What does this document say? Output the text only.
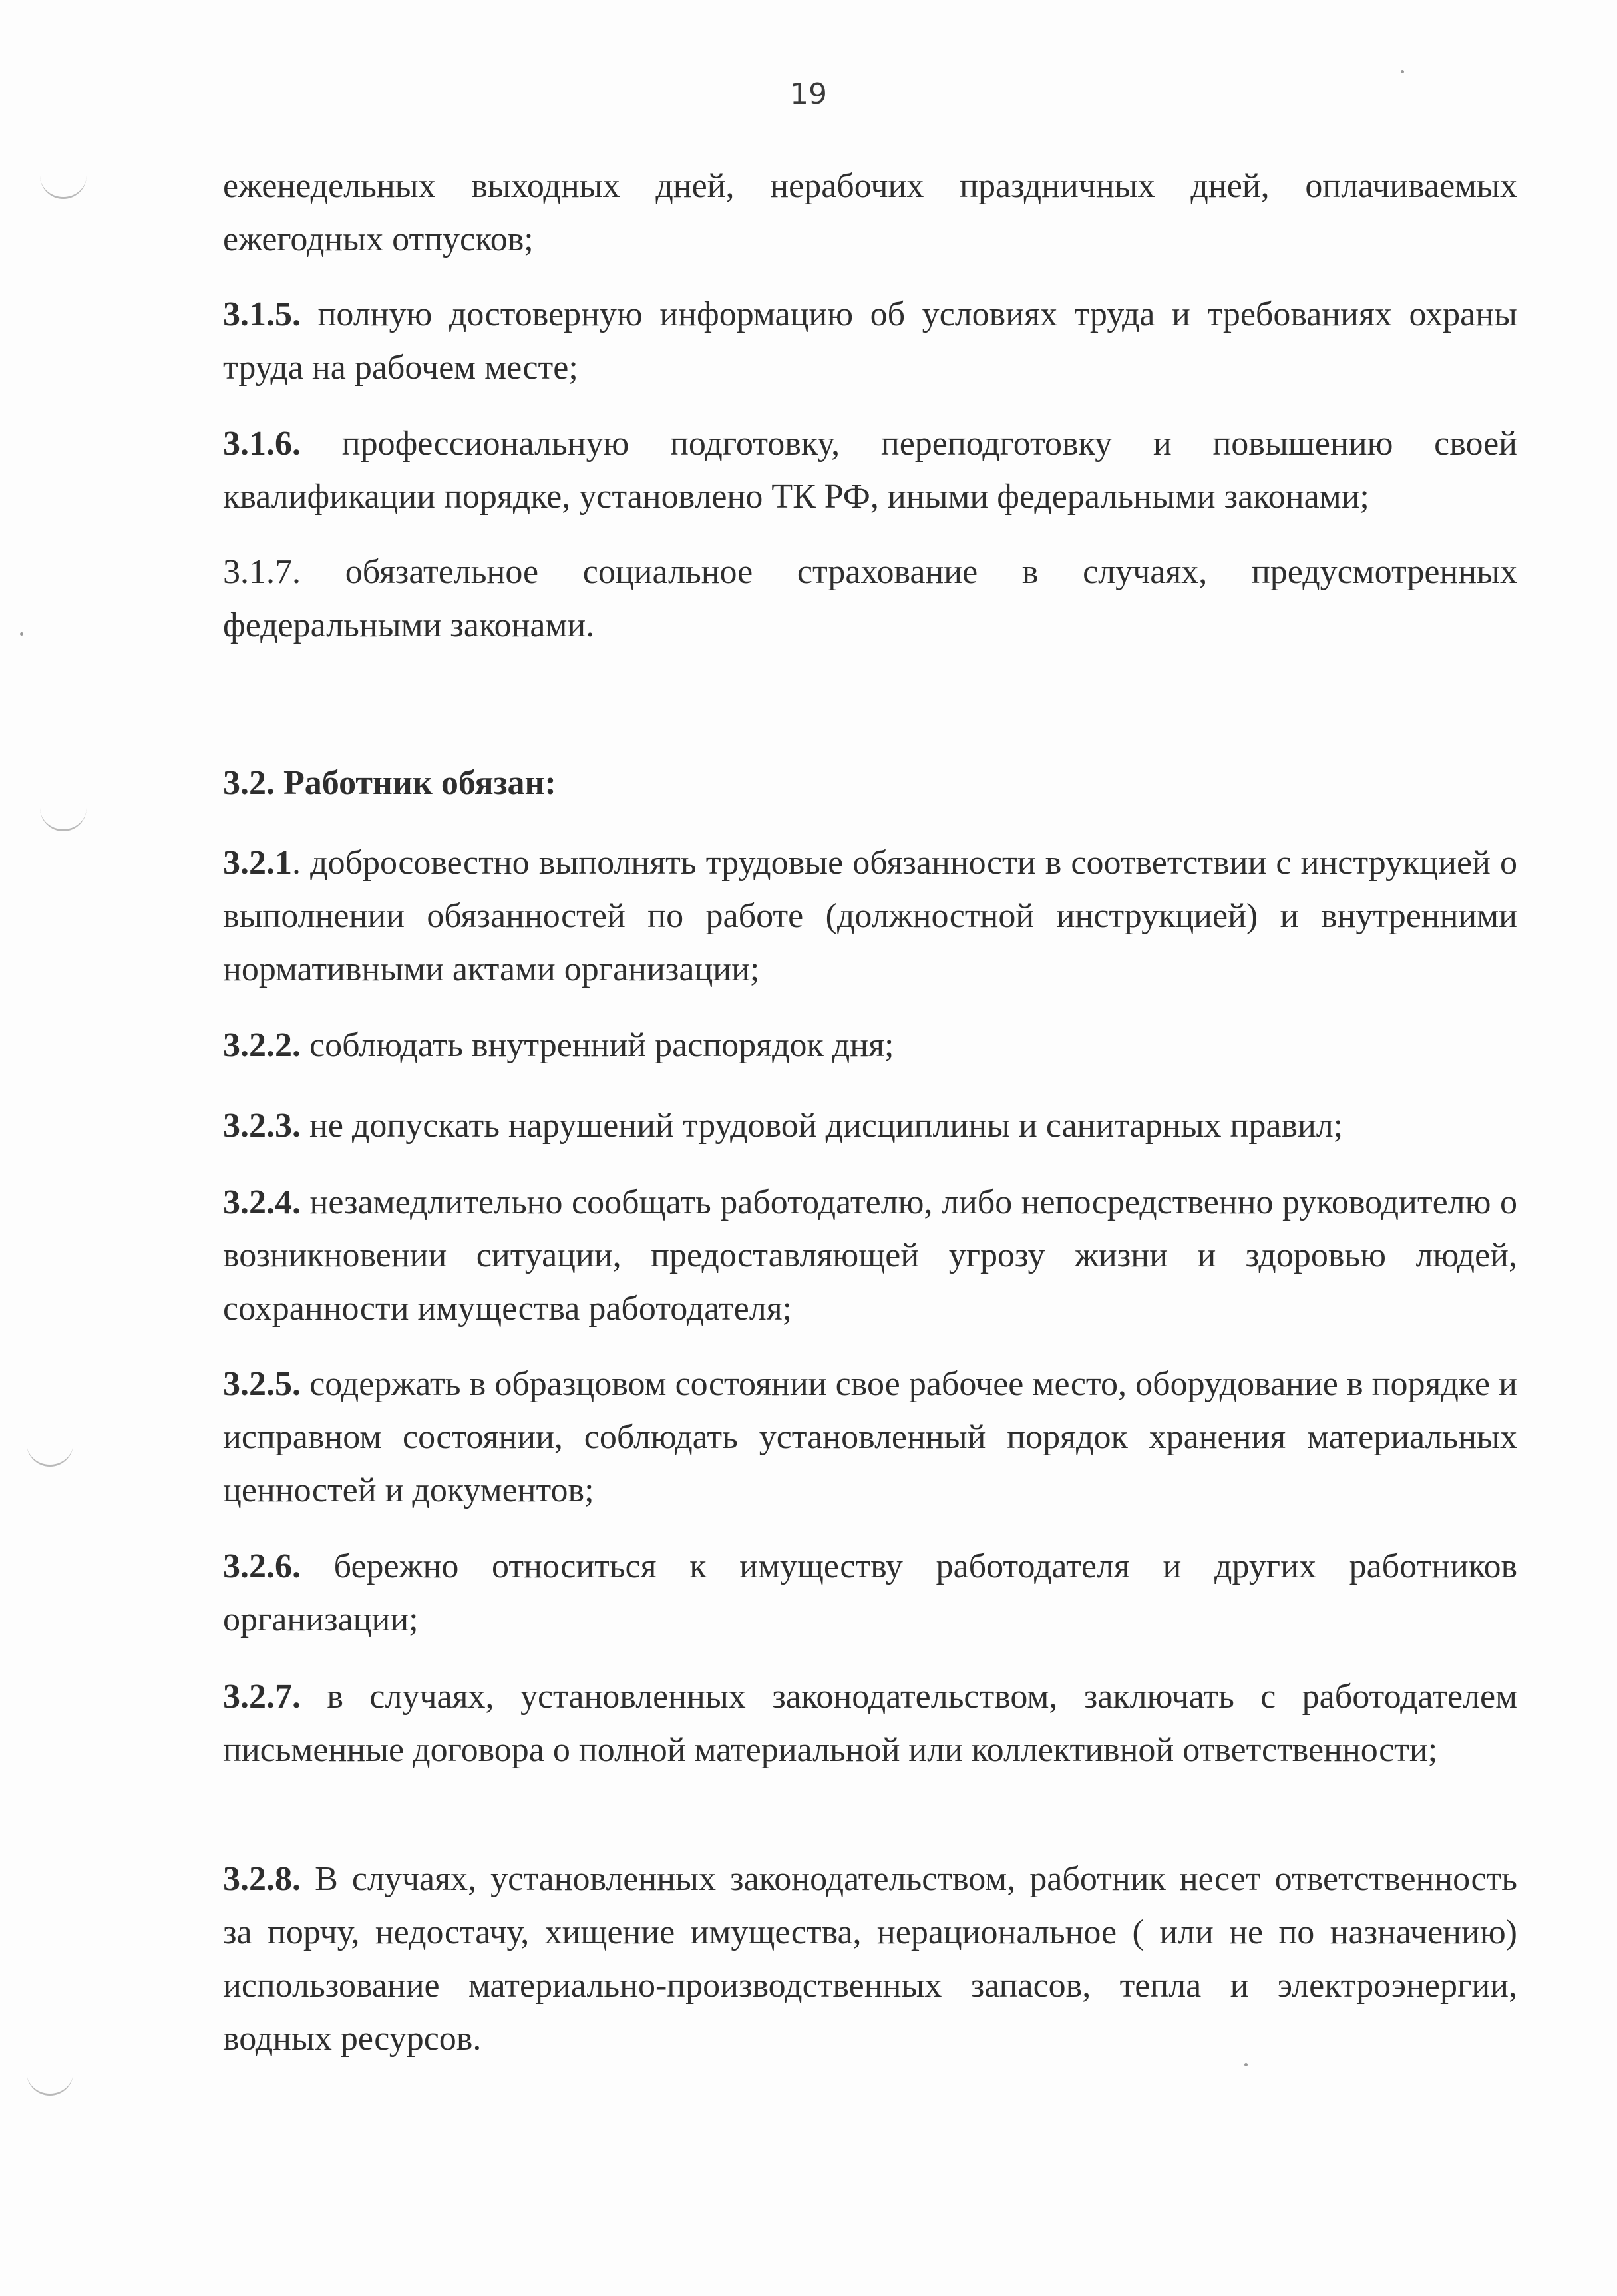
19

еженедельных выходных дней, нерабочих праздничных дней, оплачиваемых ежегодных отпусков;

3.1.5. полную достоверную информацию об условиях труда и требованиях охраны труда на рабочем месте;

3.1.6. профессиональную подготовку, переподготовку и повышению своей квалификации порядке, установлено ТК РФ, иными федеральными законами;

3.1.7. обязательное социальное страхование в случаях, предусмотренных федеральными законами.

3.2. Работник обязан:

3.2.1. добросовестно выполнять трудовые обязанности в соответствии с инструкцией о выполнении обязанностей по работе (должностной инструкцией) и внутренними нормативными актами организации;

3.2.2. соблюдать внутренний распорядок дня;

3.2.3. не допускать нарушений трудовой дисциплины и санитарных правил;

3.2.4. незамедлительно сообщать работодателю, либо непосредственно руководителю о возникновении ситуации, предоставляющей угрозу жизни и здоровью людей, сохранности имущества работодателя;

3.2.5. содержать в образцовом состоянии свое рабочее место, оборудование в порядке и исправном состоянии, соблюдать установленный порядок хранения материальных ценностей и документов;

3.2.6. бережно относиться к имуществу работодателя и других работников организации;

3.2.7. в случаях, установленных законодательством, заключать с работодателем письменные договора о полной материальной или коллективной ответственности;

3.2.8. В случаях, установленных законодательством, работник несет ответственность за порчу, недостачу, хищение имущества, нерациональное ( или не по назначению) использование материально-производственных запасов, тепла и электроэнергии, водных ресурсов.
